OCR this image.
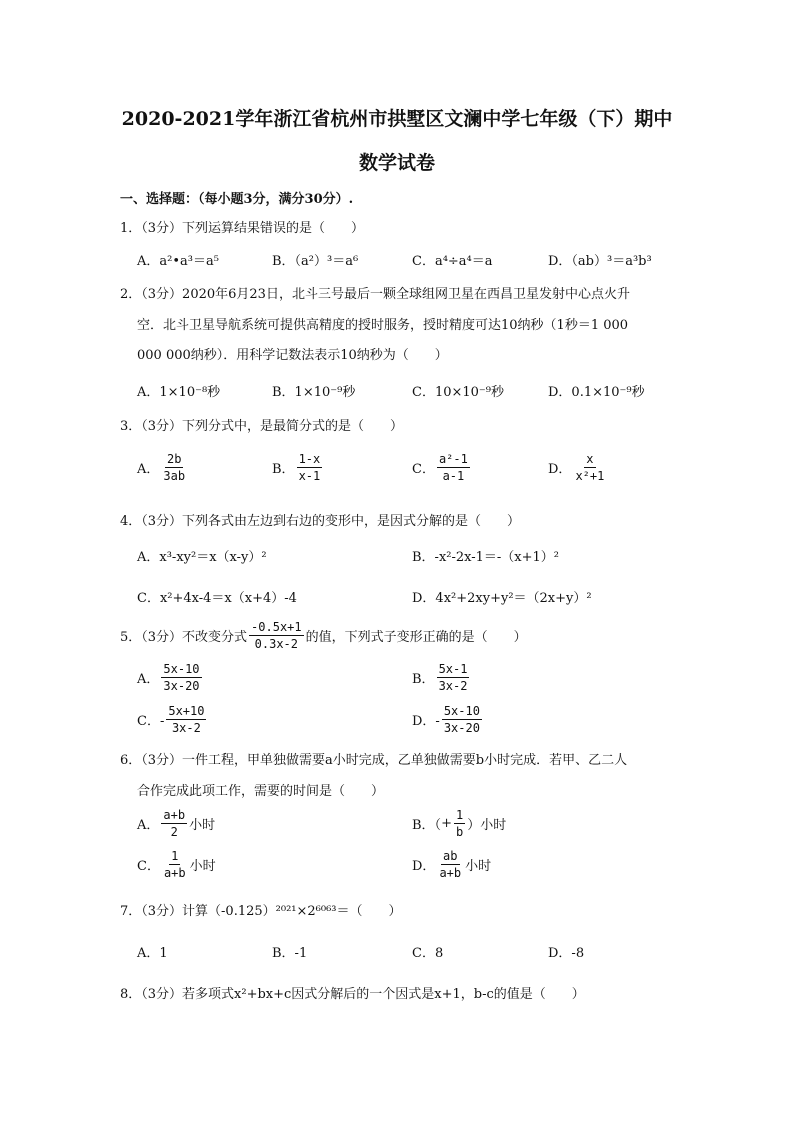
2020-2021学年浙江省杭州市拱墅区文澜中学七年级（下）期中
数学试卷
一、选择题：（每小题3分，满分30分）.
1．（3分）下列运算结果错误的是（　　）
A．a²•a³＝a⁵	B．（a²）³＝a⁶	C．a⁴÷a⁴＝a	D．（ab）³＝a³b³
2．（3分）2020年6月23日，北斗三号最后一颗全球组网卫星在西昌卫星发射中心点火升
空．北斗卫星导航系统可提供高精度的授时服务，授时精度可达10纳秒（1秒＝1 000
000 000纳秒）．用科学记数法表示10纳秒为（　　）
A．1×10⁻⁸秒	B．1×10⁻⁹秒	C．10×10⁻⁹秒	D．0.1×10⁻⁹秒
3．（3分）下列分式中，是最简分式的是（　　）
A． $\frac{2b}{3ab}$	B． $\frac{1-x}{x-1}$	C． $\frac{\text{a²-1}}{a-1}$	D． $\frac{x}{\text{x²+1}}$
4．（3分）下列各式由左边到右边的变形中，是因式分解的是（　　）
A．x³-xy²＝x（x-y）²	B．-x²-2x-1＝-（x+1）²
C．x²+4x-4＝x（x+4）-4	D．4x²+2xy+y²＝（2x+y）²
5．（3分）不改变分式 $\frac{-0.5x+1}{0.3x-2}$ 的值，下列式子变形正确的是（　　）
A． $\frac{5x-10}{3x-20}$	B． $\frac{5x-1}{3x-2}$
C．- $\frac{5x+10}{3x-2}$	D．- $\frac{5x-10}{3x-20}$
6．（3分）一件工程，甲单独做需要a小时完成，乙单独做需要b小时完成．若甲、乙二人
合作完成此项工作，需要的时间是（　　）
A． $\frac{a+b}{2}$ 小时	B．（ + $\frac{1}{b}$ ）小时
C． $\frac{1}{a+b}$ 小时	D． $\frac{ab}{a+b}$ 小时
7．（3分）计算（-0.125）²⁰²¹×2⁶⁰⁶³＝（　　）
A．1	B．-1	C．8	D．-8
8．（3分）若多项式x²+bx+c因式分解后的一个因式是x+1，b-c的值是（　　）
